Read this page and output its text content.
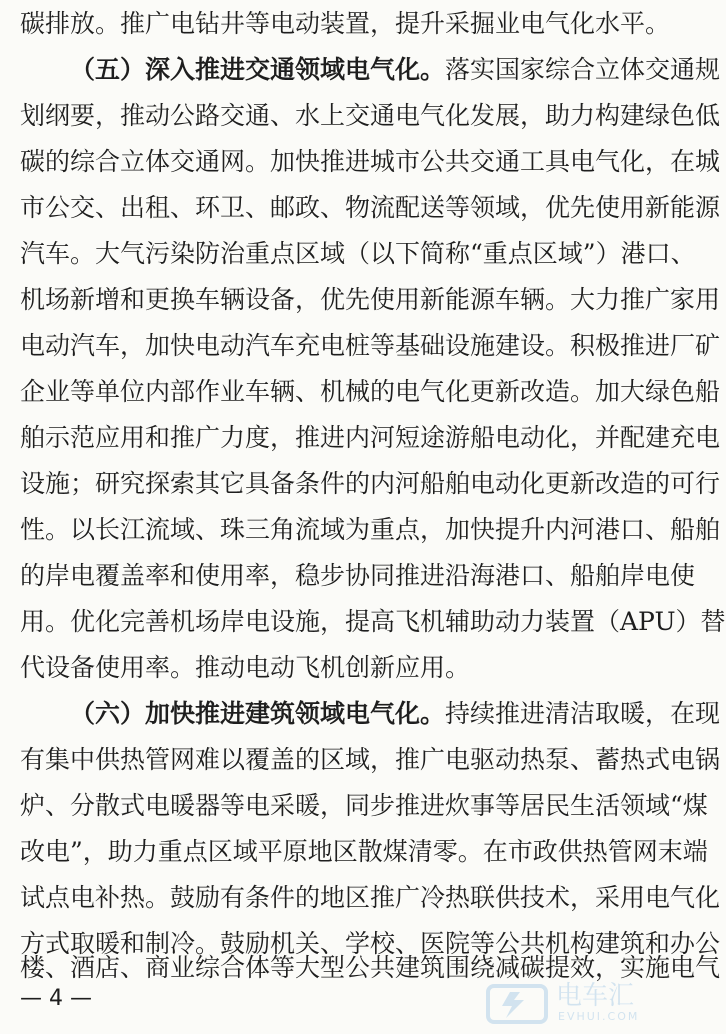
碳排放。推广电钻井等电动装置，提升采掘业电气化水平。
（五）深入推进交通领域电气化。落实国家综合立体交通规
划纲要，推动公路交通、水上交通电气化发展，助力构建绿色低
碳的综合立体交通网。加快推进城市公共交通工具电气化，在城
市公交、出租、环卫、邮政、物流配送等领域，优先使用新能源
汽车。大气污染防治重点区域（以下简称“重点区域”）港口、
机场新增和更换车辆设备，优先使用新能源车辆。大力推广家用
电动汽车，加快电动汽车充电桩等基础设施建设。积极推进厂矿
企业等单位内部作业车辆、机械的电气化更新改造。加大绿色船
舶示范应用和推广力度，推进内河短途游船电动化，并配建充电
设施；研究探索其它具备条件的内河船舶电动化更新改造的可行
性。以长江流域、珠三角流域为重点，加快提升内河港口、船舶
的岸电覆盖率和使用率，稳步协同推进沿海港口、船舶岸电使
用。优化完善机场岸电设施，提高飞机辅助动力装置（APU）替
代设备使用率。推动电动飞机创新应用。
（六）加快推进建筑领域电气化。持续推进清洁取暖，在现
有集中供热管网难以覆盖的区域，推广电驱动热泵、蓄热式电锅
炉、分散式电暖器等电采暖，同步推进炊事等居民生活领域“煤
改电”，助力重点区域平原地区散煤清零。在市政供热管网末端
试点电补热。鼓励有条件的地区推广冷热联供技术，采用电气化
方式取暖和制冷。鼓励机关、学校、医院等公共机构建筑和办公
楼、酒店、商业综合体等大型公共建筑围绕减碳提效，实施电气
— 4 —	电车汇
EVHUI.COM
